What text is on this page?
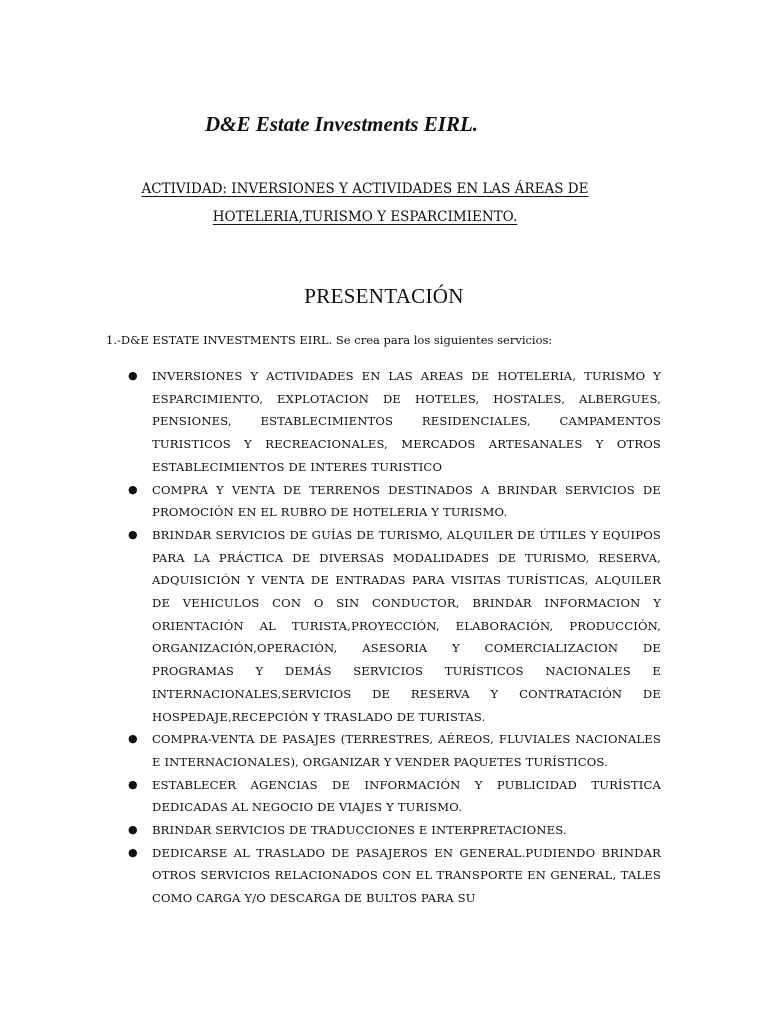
D&E Estate Investments EIRL.
ACTIVIDAD: INVERSIONES Y ACTIVIDADES EN LAS ÁREAS DE
HOTELERIA,TURISMO Y ESPARCIMIENTO.
PRESENTACIÓN
1.-D&E ESTATE INVESTMENTS EIRL. Se crea para los siguientes servicios:
● INVERSIONES Y ACTIVIDADES EN LAS AREAS DE HOTELERIA, TURISMO Y ESPARCIMIENTO, EXPLOTACION DE HOTELES, HOSTALES, ALBERGUES, PENSIONES, ESTABLECIMIENTOS RESIDENCIALES, CAMPAMENTOS TURISTICOS Y RECREACIONALES, MERCADOS ARTESANALES Y OTROS ESTABLECIMIENTOS DE INTERES TURISTICO
● COMPRA Y VENTA DE TERRENOS DESTINADOS A BRINDAR SERVICIOS DE PROMOCIÓN EN EL RUBRO DE HOTELERIA Y TURISMO.
● BRINDAR SERVICIOS DE GUÍAS DE TURISMO, ALQUILER DE ÚTILES Y EQUIPOS PARA LA PRÁCTICA DE DIVERSAS MODALIDADES DE TURISMO, RESERVA, ADQUISICIÓN Y VENTA DE ENTRADAS PARA VISITAS TURÍSTICAS, ALQUILER DE VEHICULOS CON O SIN CONDUCTOR, BRINDAR INFORMACION Y ORIENTACIÓN AL TURISTA,PROYECCIÓN, ELABORACIÓN, PRODUCCIÓN, ORGANIZACIÓN,OPERACIÓN, ASESORIA Y COMERCIALIZACION DE PROGRAMAS Y DEMÁS SERVICIOS TURÍSTICOS NACIONALES E INTERNACIONALES,SERVICIOS DE RESERVA Y CONTRATACIÓN DE HOSPEDAJE,RECEPCIÓN Y TRASLADO DE TURISTAS.
● COMPRA-VENTA DE PASAJES (TERRESTRES, AÉREOS, FLUVIALES NACIONALES E INTERNACIONALES), ORGANIZAR Y VENDER PAQUETES TURÍSTICOS.
● ESTABLECER AGENCIAS DE INFORMACIÓN Y PUBLICIDAD TURÍSTICA DEDICADAS AL NEGOCIO DE VIAJES Y TURISMO.
● BRINDAR SERVICIOS DE TRADUCCIONES E INTERPRETACIONES.
● DEDICARSE AL TRASLADO DE PASAJEROS EN GENERAL.PUDIENDO BRINDAR OTROS SERVICIOS RELACIONADOS CON EL TRANSPORTE EN GENERAL, TALES COMO CARGA Y/O DESCARGA DE BULTOS PARA SU
